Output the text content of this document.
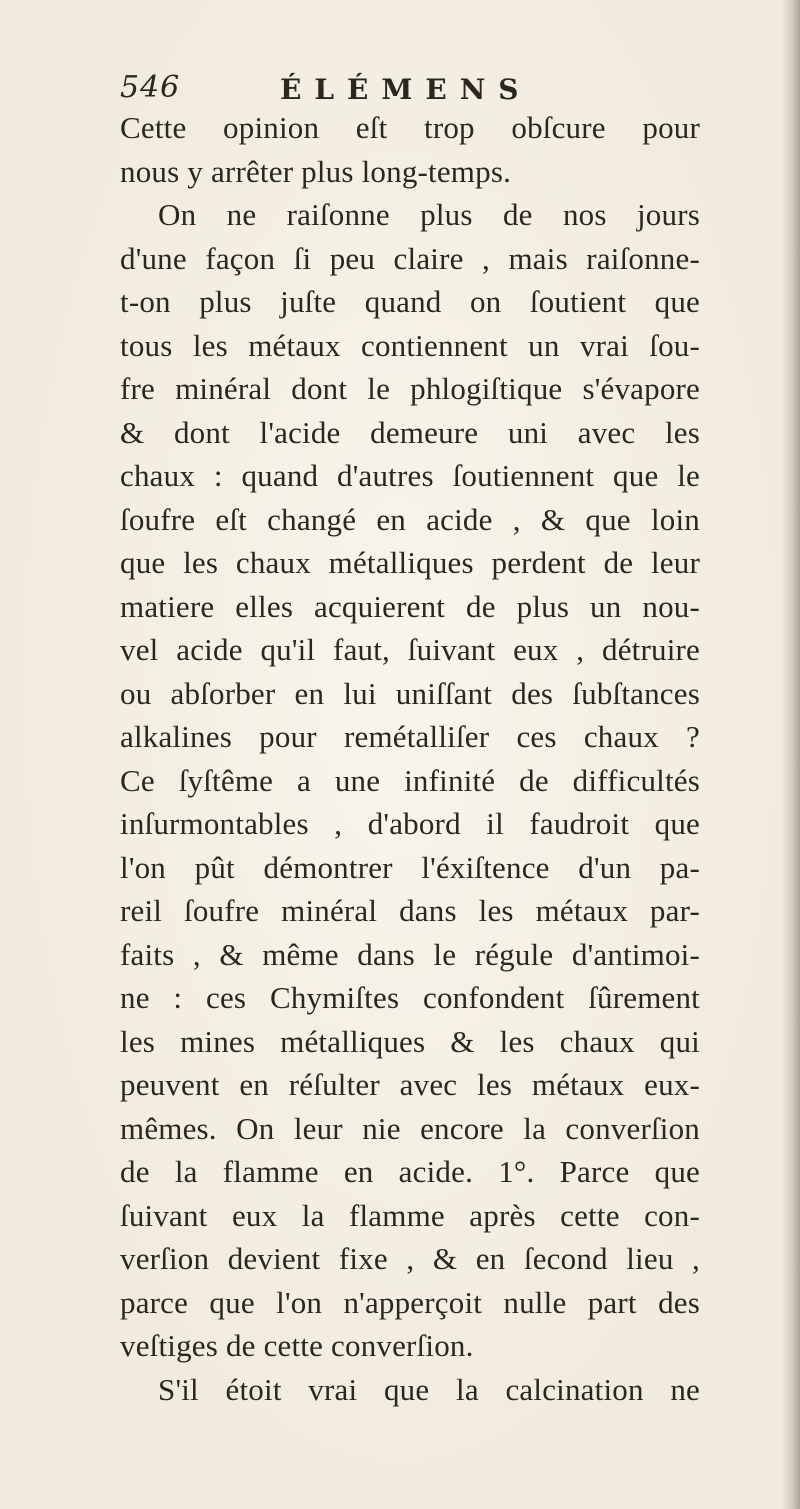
546	ÉLÉMENS
Cette opinion eſt trop obſcure pour
nous y arrêter plus long-temps.
On ne raiſonne plus de nos jours
d'une façon ſi peu claire , mais raiſonne-
t-on plus juſte quand on ſoutient que
tous les métaux contiennent un vrai ſou-
fre minéral dont le phlogiſtique s'évapore
& dont l'acide demeure uni avec les
chaux : quand d'autres ſoutiennent que le
ſoufre eſt changé en acide , & que loin
que les chaux métalliques perdent de leur
matiere elles acquierent de plus un nou-
vel acide qu'il faut, ſuivant eux , détruire
ou abſorber en lui uniſſant des ſubſtances
alkalines pour remétalliſer ces chaux ?
Ce ſyſtême a une infinité de difficultés
inſurmontables , d'abord il faudroit que
l'on pût démontrer l'éxiſtence d'un pa-
reil ſoufre minéral dans les métaux par-
faits , & même dans le régule d'antimoi-
ne : ces Chymiſtes confondent ſûrement
les mines métalliques & les chaux qui
peuvent en réſulter avec les métaux eux-
mêmes. On leur nie encore la converſion
de la flamme en acide. 1°. Parce que
ſuivant eux la flamme après cette con-
verſion devient fixe , & en ſecond lieu ,
parce que l'on n'apperçoit nulle part des
veſtiges de cette converſion.
S'il étoit vrai que la calcination ne
